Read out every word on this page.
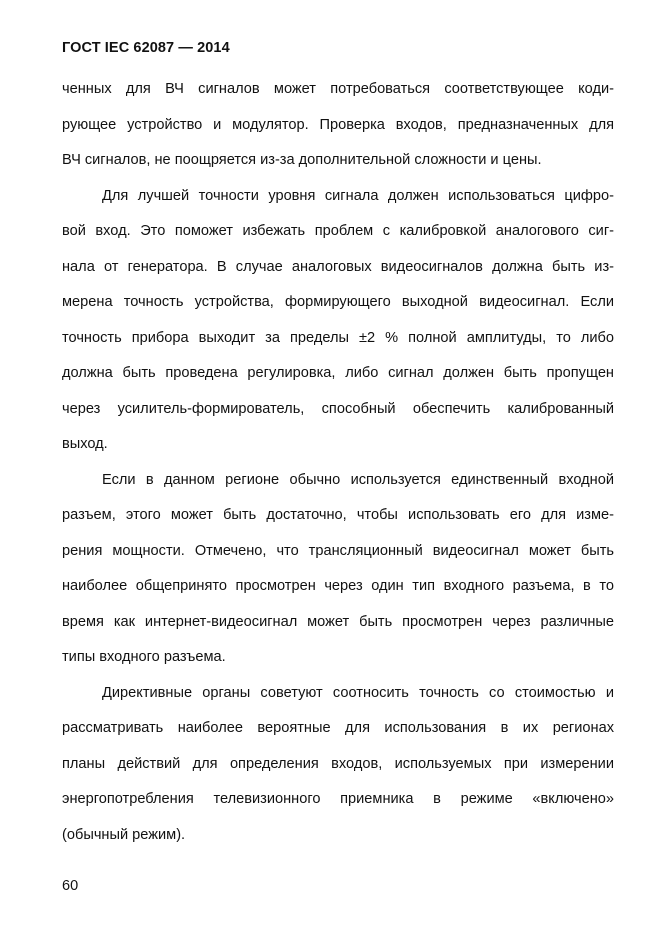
ГОСТ IEC 62087 — 2014
ченных для ВЧ сигналов может потребоваться соответствующее коди-
рующее устройство и модулятор. Проверка входов, предназначенных для
ВЧ сигналов, не поощряется из-за дополнительной сложности и цены.
Для лучшей точности уровня сигнала должен использоваться цифро-
вой вход. Это поможет избежать проблем с калибровкой аналогового сиг-
нала от генератора. В случае аналоговых видеосигналов должна быть из-
мерена точность устройства, формирующего выходной видеосигнал. Если
точность прибора выходит за пределы ±2 % полной амплитуды, то либо
должна быть проведена регулировка, либо сигнал должен быть пропущен
через усилитель-формирователь, способный обеспечить калиброванный
выход.
Если в данном регионе обычно используется единственный входной
разъем, этого может быть достаточно, чтобы использовать его для изме-
рения мощности. Отмечено, что трансляционный видеосигнал может быть
наиболее общепринято просмотрен через один тип входного разъема, в то
время как интернет-видеосигнал может быть просмотрен через различные
типы входного разъема.
Директивные органы советуют соотносить точность со стоимостью и
рассматривать наиболее вероятные для использования в их регионах
планы действий для определения входов, используемых при измерении
энергопотребления телевизионного приемника в режиме «включено»
(обычный режим).
60
